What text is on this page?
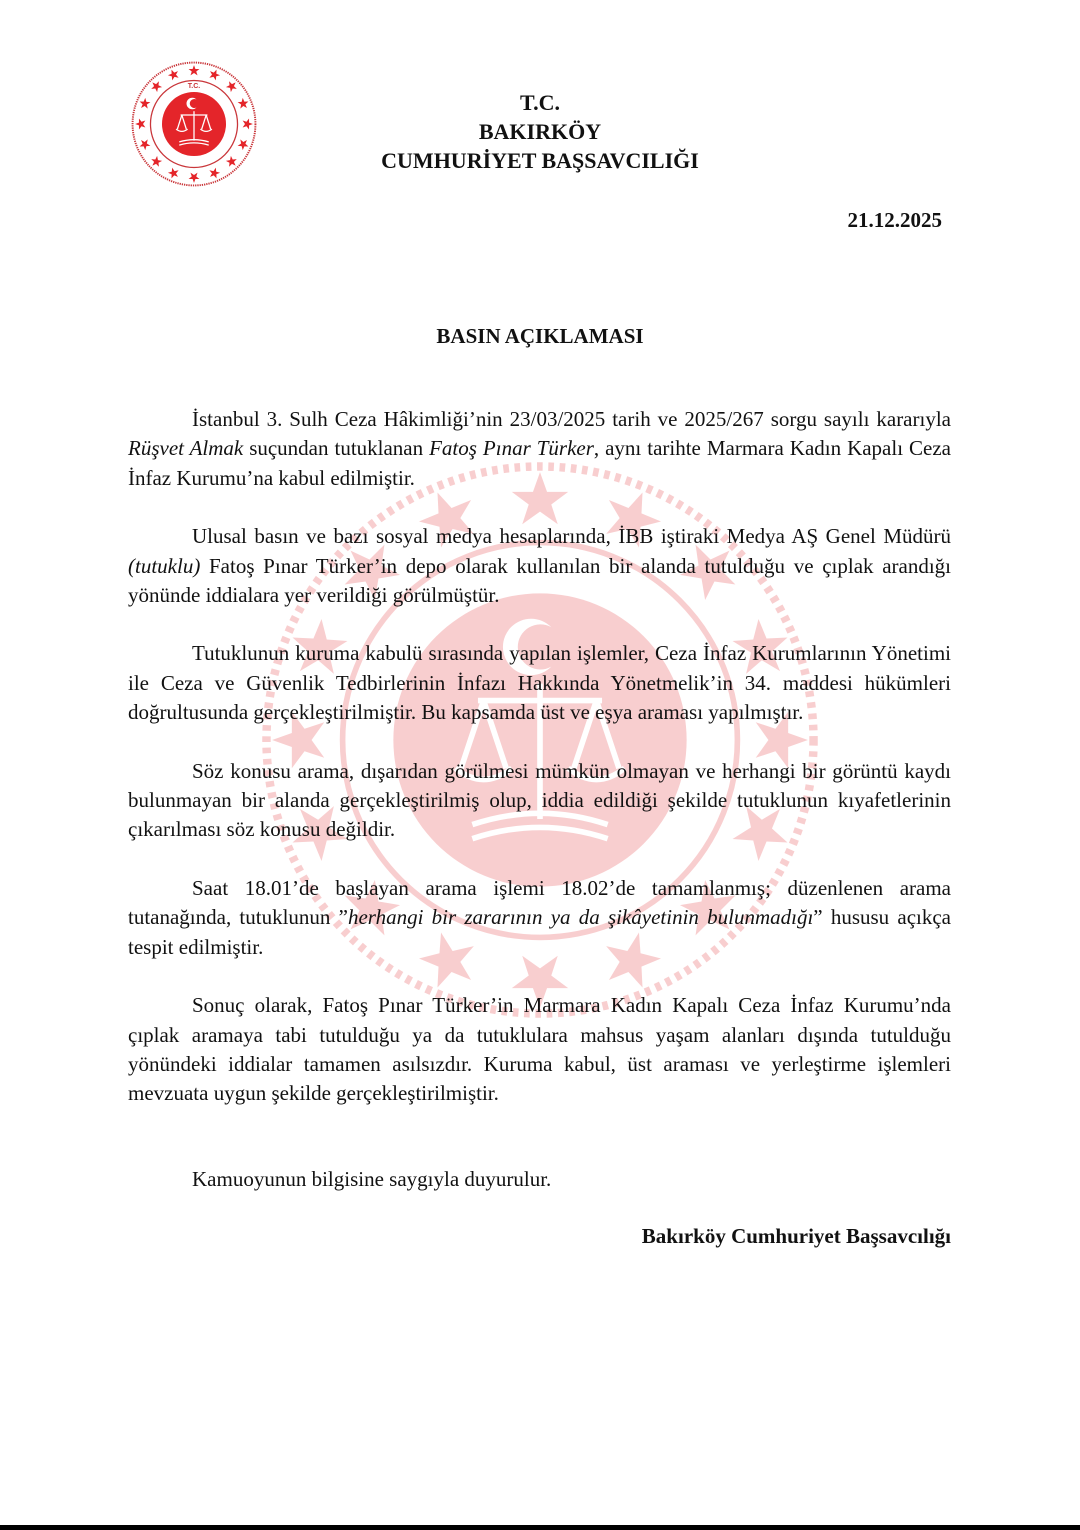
T.C.
T.C.
BAKIRKÖY
CUMHURİYET BAŞSAVCILIĞI
21.12.2025
BASIN AÇIKLAMASI

İstanbul 3. Sulh Ceza Hâkimliği’nin 23/03/2025 tarih ve 2025/267 sorgu sayılı kararıyla Rüşvet Almak suçundan tutuklanan Fatoş Pınar Türker, aynı tarihte Marmara Kadın Kapalı Ceza İnfaz Kurumu’na kabul edilmiştir.

Ulusal basın ve bazı sosyal medya hesaplarında, İBB iştiraki Medya AŞ Genel Müdürü (tutuklu) Fatoş Pınar Türker’in depo olarak kullanılan bir alanda tutulduğu ve çıplak arandığı yönünde iddialara yer verildiği görülmüştür.

Tutuklunun kuruma kabulü sırasında yapılan işlemler, Ceza İnfaz Kurumlarının Yönetimi ile Ceza ve Güvenlik Tedbirlerinin İnfazı Hakkında Yönetmelik’in 34. maddesi hükümleri doğrultusunda gerçekleştirilmiştir. Bu kapsamda üst ve eşya araması yapılmıştır.

Söz konusu arama, dışarıdan görülmesi mümkün olmayan ve herhangi bir görüntü kaydı bulunmayan bir alanda gerçekleştirilmiş olup, iddia edildiği şekilde tutuklunun kıyafetlerinin çıkarılması söz konusu değildir.

Saat 18.01’de başlayan arama işlemi 18.02’de tamamlanmış; düzenlenen arama tutanağında, tutuklunun ”herhangi bir zararının ya da şikâyetinin bulunmadığı” hususu açıkça tespit edilmiştir.

Sonuç olarak, Fatoş Pınar Türker’in Marmara Kadın Kapalı Ceza İnfaz Kurumu’nda çıplak aramaya tabi tutulduğu ya da tutuklulara mahsus yaşam alanları dışında tutulduğu yönündeki iddialar tamamen asılsızdır. Kuruma kabul, üst araması ve yerleştirme işlemleri mevzuata uygun şekilde gerçekleştirilmiştir.

Kamuoyunun bilgisine saygıyla duyurulur.
Bakırköy Cumhuriyet Başsavcılığı
